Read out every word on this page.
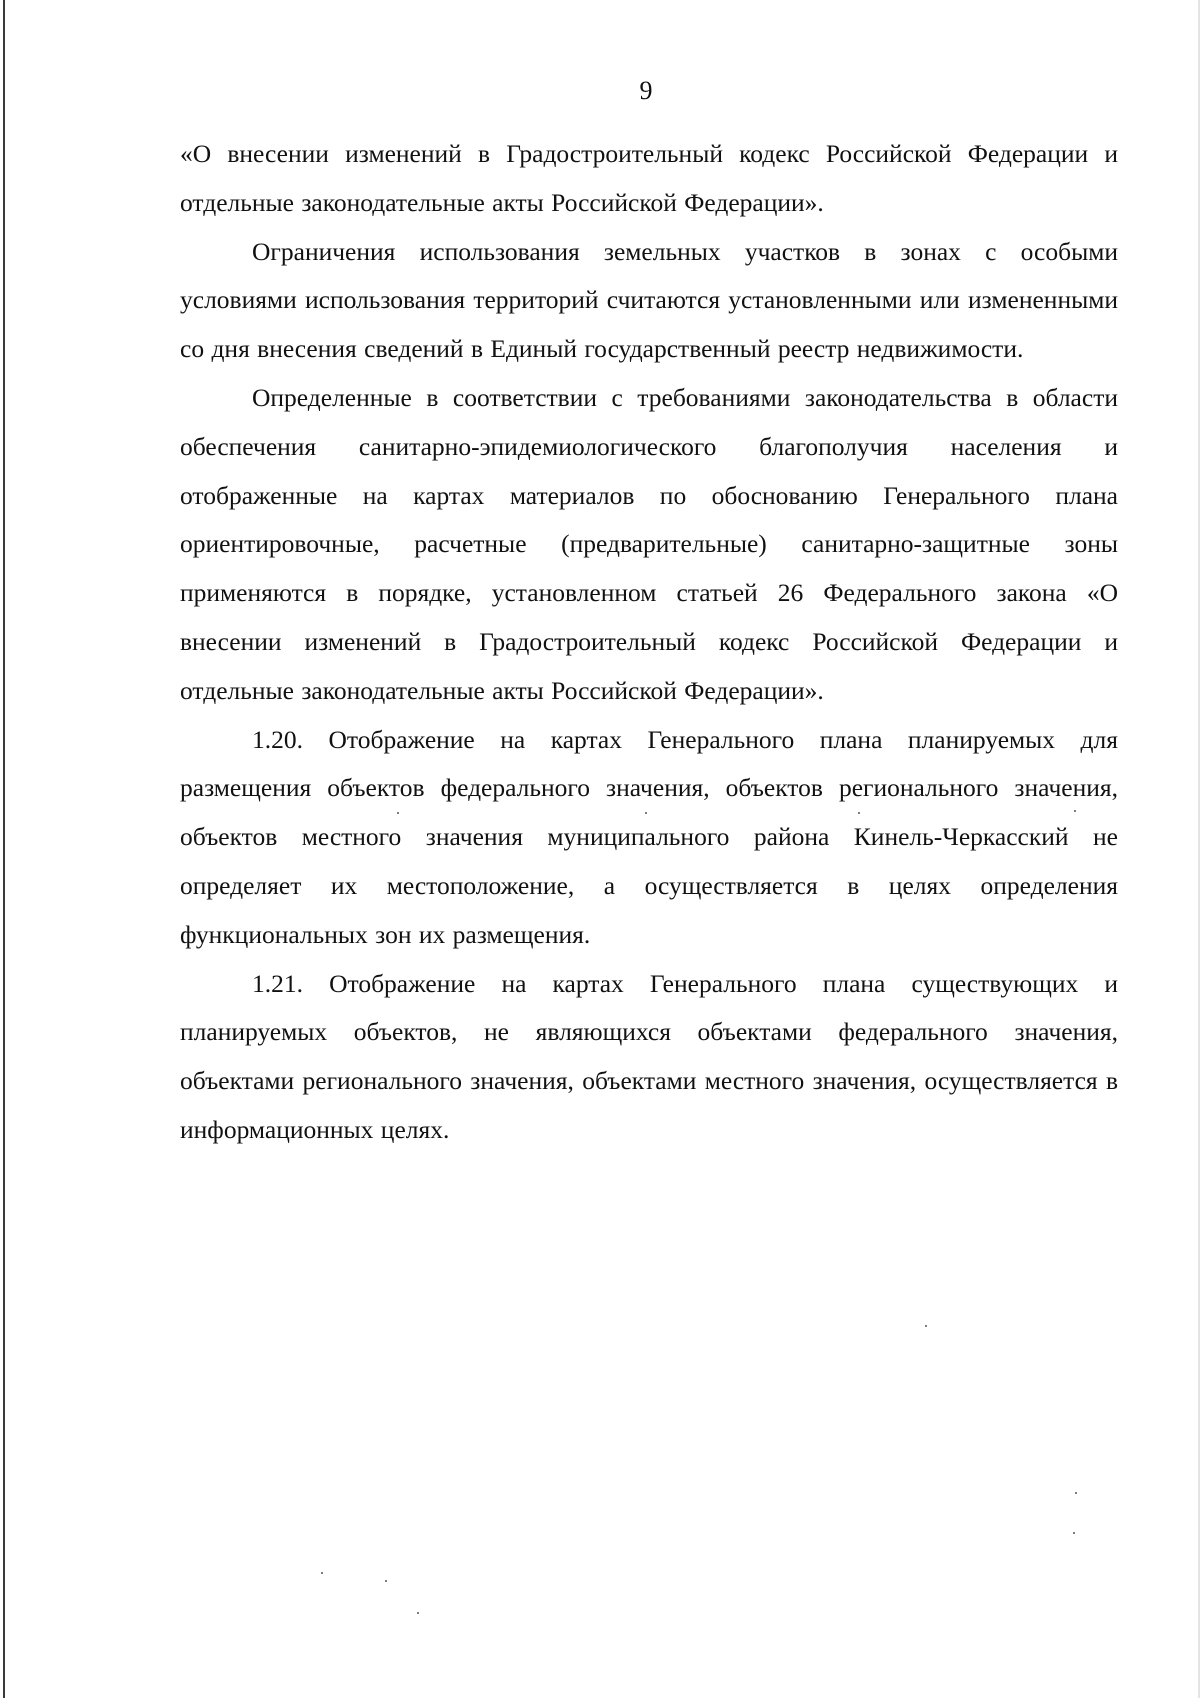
9

«О внесении изменений в Градостроительный кодекс Российской Федерации и отдельные законодательные акты Российской Федерации».

Ограничения использования земельных участков в зонах с особыми условиями использования территорий считаются установленными или измененными со дня внесения сведений в Единый государственный реестр недвижимости.

Определенные в соответствии с требованиями законодательства в области обеспечения санитарно-эпидемиологического благополучия населения и отображенные на картах материалов по обоснованию Генерального плана ориентировочные, расчетные (предварительные) санитарно-защитные зоны применяются в порядке, установленном статьей 26 Федерального закона «О внесении изменений в Градостроительный кодекс Российской Федерации и отдельные законодательные акты Российской Федерации».

1.20. Отображение на картах Генерального плана планируемых для размещения объектов федерального значения, объектов регионального значения, объектов местного значения муниципального района Кинель-Черкасский не определяет их местоположение, а осуществляется в целях определения функциональных зон их размещения.

1.21. Отображение на картах Генерального плана существующих и планируемых объектов, не являющихся объектами федерального значения, объектами регионального значения, объектами местного значения, осуществляется в информационных целях.
